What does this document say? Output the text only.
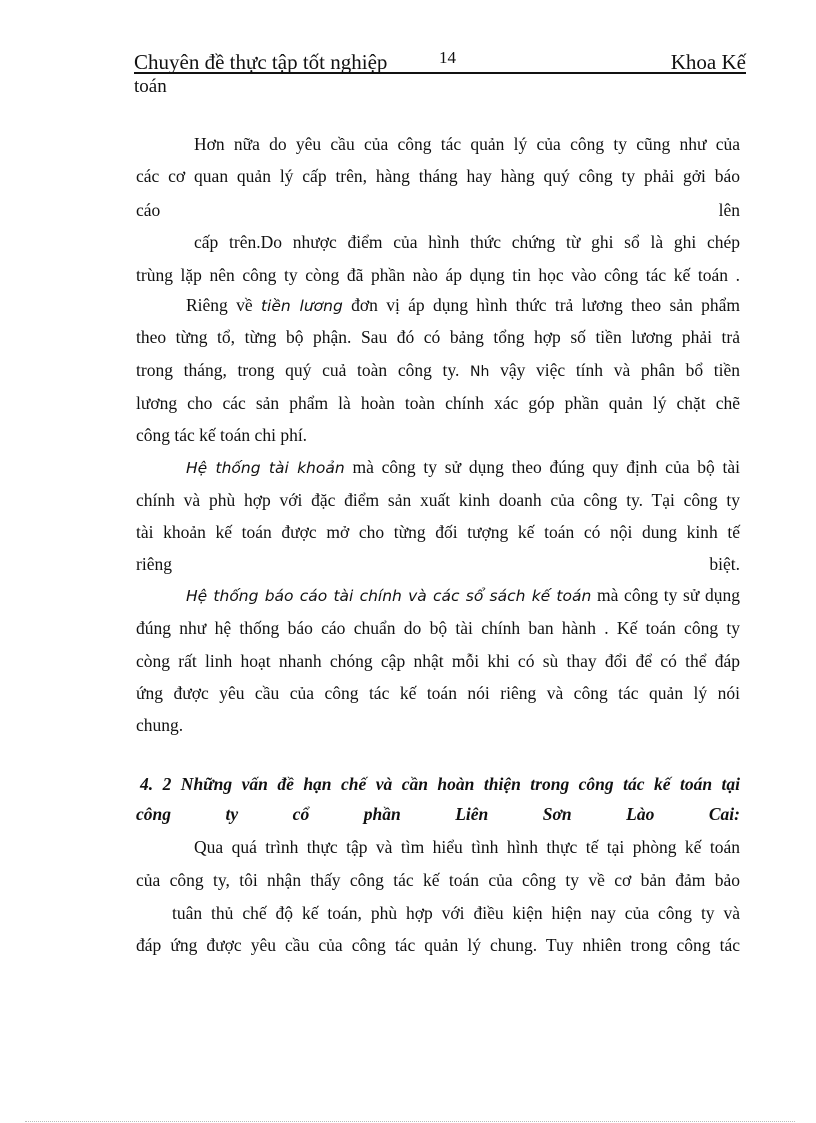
Chuyên đề thực tập tốt nghiệp	14	Khoa Kế
toán
Hơn nữa do yêu cầu của công tác quản lý của công ty cũng như của
các cơ quan quản lý cấp trên, hàng tháng hay hàng quý công ty phải gởi báo
cáo	lên
cấp trên.Do nhược điểm của hình thức chứng từ ghi sổ là ghi chép
trùng lặp nên công ty còng đã phần nào áp dụng tin học vào công tác kế toán .
Riêng về tiền lương đơn vị áp dụng hình thức trả lương theo sản phẩm
theo từng tổ, từng bộ phận. Sau đó có bảng tổng hợp số tiền lương phải trả
trong tháng, trong quý cuả toàn công ty. Nh vậy việc tính và phân bổ tiền
lương cho các sản phẩm là hoàn toàn chính xác góp phần quản lý chặt chẽ
công tác kế toán chi phí.
Hệ thống tài khoản mà công ty sử dụng theo đúng quy định của bộ tài
chính và phù hợp với đặc điểm sản xuất kinh doanh của công ty. Tại công ty
tài khoản kế toán được mở cho từng đối tượng kế toán có nội dung kinh tế
riêng	biệt.
Hệ thống báo cáo tài chính và các sổ sách kế toán mà công ty sử dụng
đúng như hệ thống báo cáo chuẩn do bộ tài chính ban hành . Kế toán công ty
còng rất linh hoạt nhanh chóng cập nhật mỗi khi có sù thay đổi để có thể đáp
ứng được yêu cầu của công tác kế toán nói riêng và công tác quản lý nói
chung.
4. 2 Những vấn đề hạn chế và cần hoàn thiện trong công tác kế toán tại
công	ty	cổ	phần	Liên	Sơn	Lào	Cai:
Qua quá trình thực tập và tìm hiểu tình hình thực tế tại phòng kế toán
của công ty, tôi nhận thấy công tác kế toán của công ty về cơ bản đảm bảo
tuân thủ chế độ kế toán, phù hợp với điều kiện hiện nay của công ty và
đáp ứng được yêu cầu của công tác quản lý chung. Tuy nhiên trong công tác
